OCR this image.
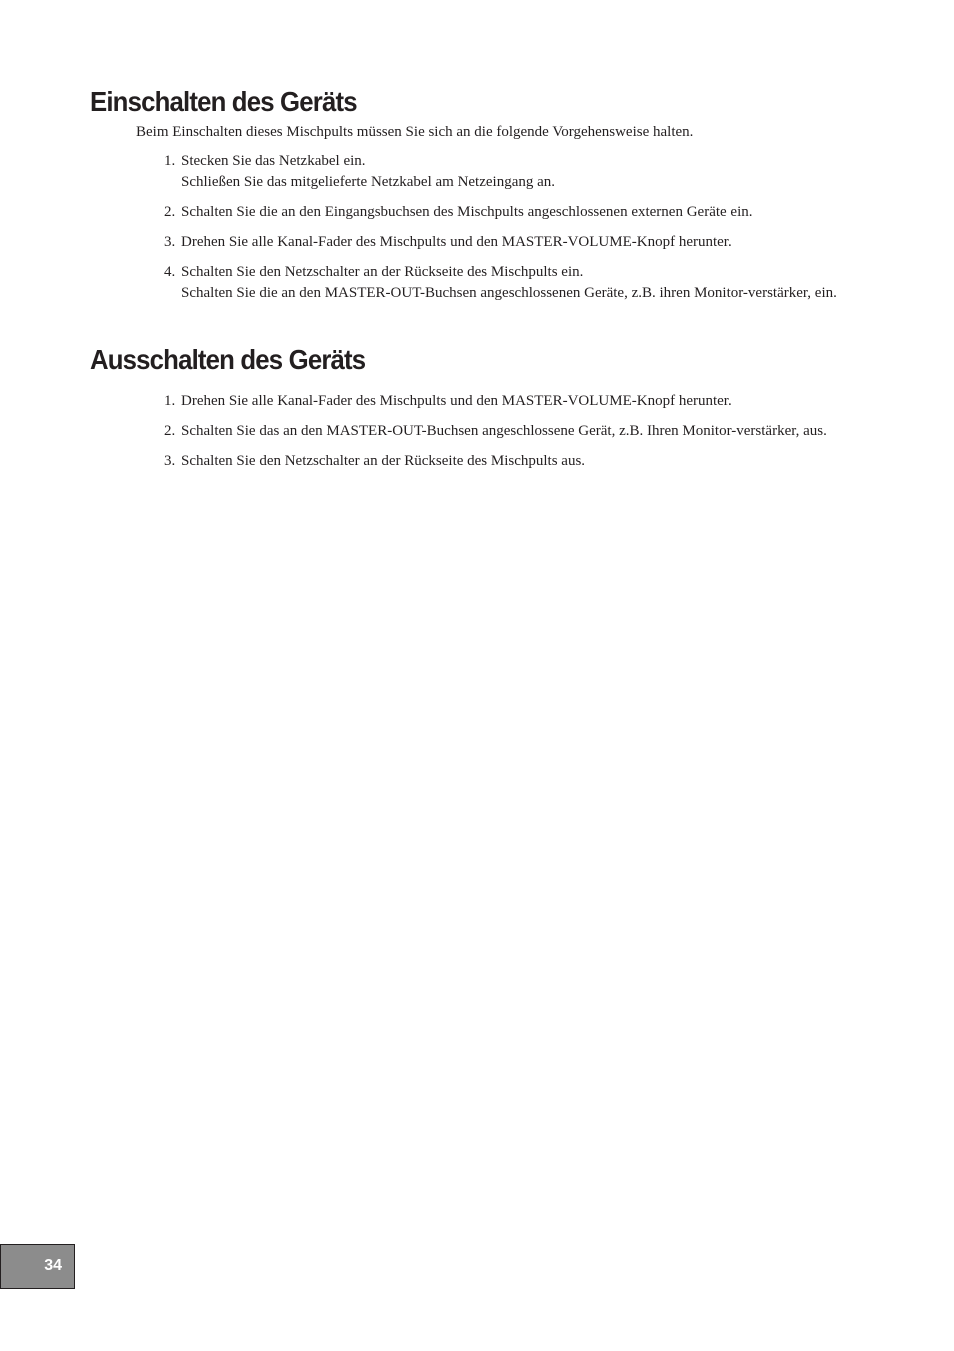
Einschalten des Geräts

Beim Einschalten dieses Mischpults müssen Sie sich an die folgende Vorgehensweise halten.

1. Stecken Sie das Netzkabel ein.
Schließen Sie das mitgelieferte Netzkabel am Netzeingang an.
2. Schalten Sie die an den Eingangsbuchsen des Mischpults angeschlossenen externen Geräte ein.
3. Drehen Sie alle Kanal-Fader des Mischpults und den MASTER-VOLUME-Knopf herunter.
4. Schalten Sie den Netzschalter an der Rückseite des Mischpults ein.
Schalten Sie die an den MASTER-OUT-Buchsen angeschlossenen Geräte, z.B. ihren Monitor-verstärker, ein.
Ausschalten des Geräts
1. Drehen Sie alle Kanal-Fader des Mischpults und den MASTER-VOLUME-Knopf herunter.
2. Schalten Sie das an den MASTER-OUT-Buchsen angeschlossene Gerät, z.B. Ihren Monitor-verstärker, aus.
3. Schalten Sie den Netzschalter an der Rückseite des Mischpults aus.
34
